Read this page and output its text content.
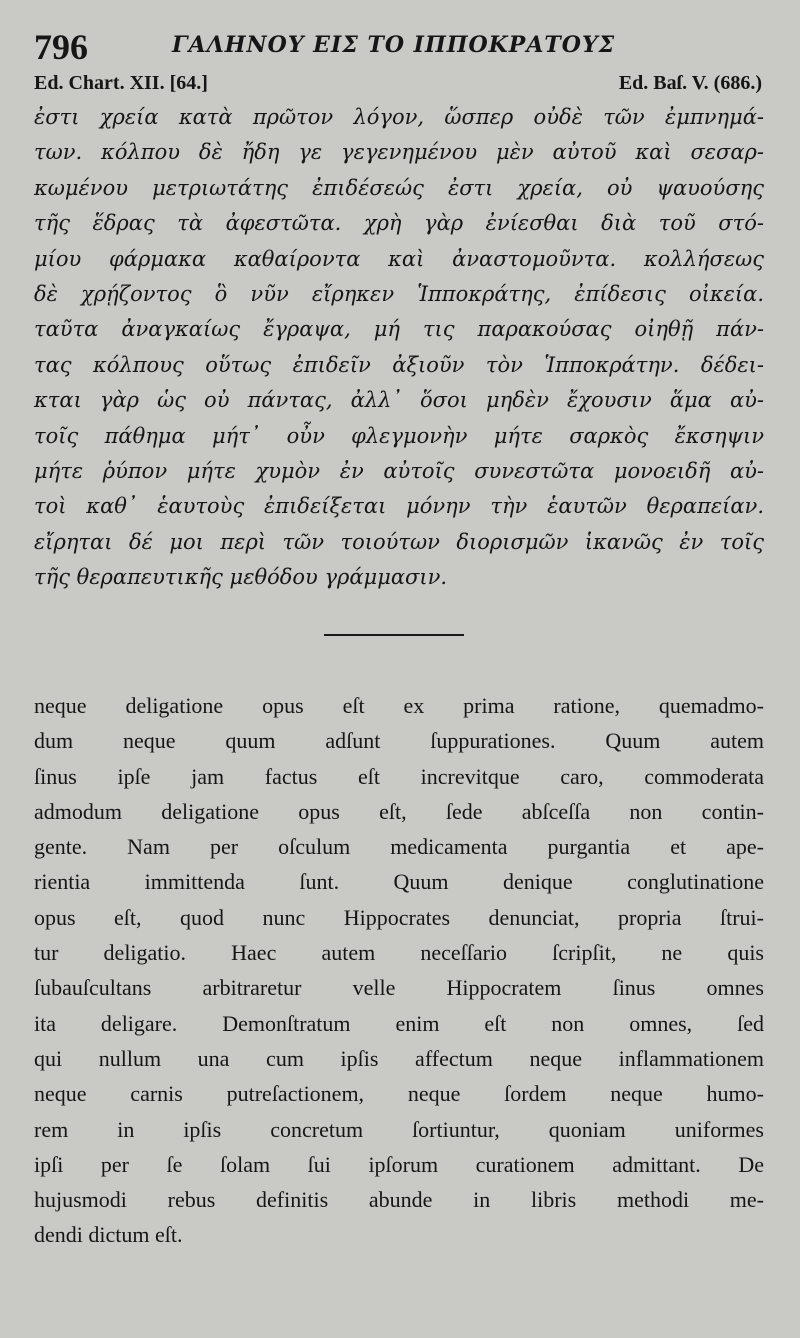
796	ΓΑΛΗΝΟΥ ΕΙΣ ΤΟ ΙΠΠΟΚΡΑΤΟΥΣ
Ed. Chart. XII. [64.]	Ed. Baſ. V. (686.)
ἐστι χρεία κατὰ πρῶτον λόγον, ὥσπερ οὐδὲ τῶν ἐμπνημά-
των. κόλπου δὲ ἤδη γε γεγενημένου μὲν αὐτοῦ καὶ σεσαρ-
κωμένου μετριωτάτης ἐπιδέσεώς ἐστι χρεία, οὐ ψαυούσης
τῆς ἕδρας τὰ ἀφεστῶτα. χρὴ γὰρ ἐνίεσθαι διὰ τοῦ στό-
μίου φάρμακα καθαίροντα καὶ ἀναστομοῦντα. κολλήσεως
δὲ χρῄζοντος ὃ νῦν εἴρηκεν Ἱπποκράτης, ἐπίδεσις οἰκεία.
ταῦτα ἀναγκαίως ἔγραψα, μή τις παρακούσας οἰηθῇ πάν-
τας κόλπους οὕτως ἐπιδεῖν ἀξιοῦν τὸν Ἱπποκράτην. δέδει-
κται γὰρ ὡς οὐ πάντας, ἀλλ᾽ ὅσοι μηδὲν ἔχουσιν ἅμα αὐ-
τοῖς πάθημα μήτ᾽ οὖν φλεγμονὴν μήτε σαρκὸς ἔκσηψιν
μήτε ῥύπον μήτε χυμὸν ἐν αὐτοῖς συνεστῶτα μονοειδῆ αὐ-
τοὶ καθ᾽ ἑαυτοὺς ἐπιδείξεται μόνην τὴν ἑαυτῶν θεραπείαν.
εἴρηται δέ μοι περὶ τῶν τοιούτων διορισμῶν ἱκανῶς ἐν τοῖς
τῆς θεραπευτικῆς μεθόδου γράμμασιν.
neque deligatione opus eſt ex prima ratione, quemadmo-
dum neque quum adſunt ſuppurationes. Quum autem
ſinus ipſe jam factus eſt increvitque caro, commoderata
admodum deligatione opus eſt, ſede abſceſſa non contin-
gente. Nam per oſculum medicamenta purgantia et ape-
rientia immittenda ſunt. Quum denique conglutinatione
opus eſt, quod nunc Hippocrates denunciat, propria ſtrui-
tur deligatio. Haec autem neceſſario ſcripſit, ne quis
ſubauſcultans arbitraretur velle Hippocratem ſinus omnes
ita deligare. Demonſtratum enim eſt non omnes, ſed
qui nullum una cum ipſis affectum neque inflammationem
neque carnis putreſactionem, neque ſordem neque humo-
rem in ipſis concretum ſortiuntur, quoniam uniformes
ipſi per ſe ſolam ſui ipſorum curationem admittant. De
hujusmodi rebus definitis abunde in libris methodi me-
dendi dictum eſt.
